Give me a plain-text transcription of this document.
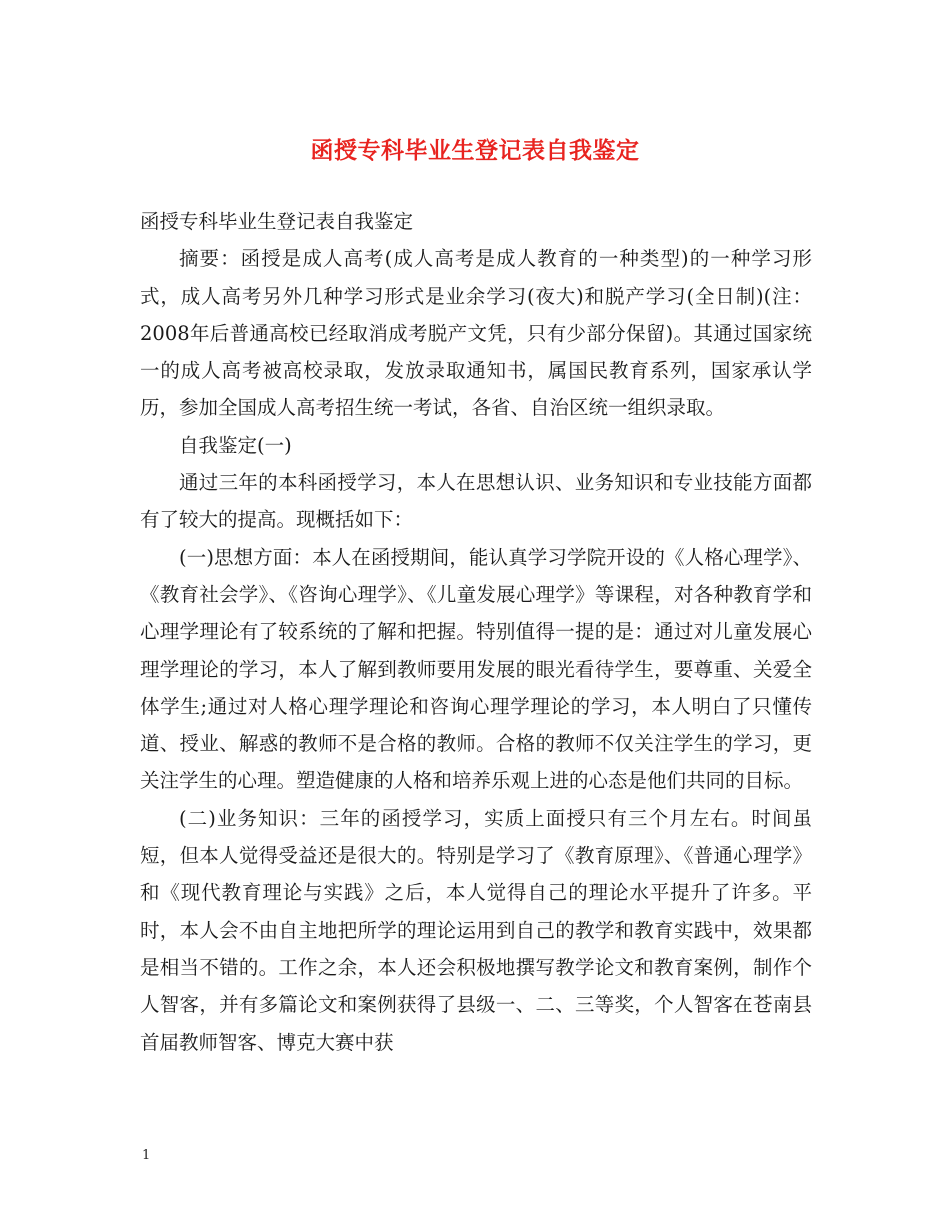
函授专科毕业生登记表自我鉴定

函授专科毕业生登记表自我鉴定

摘要：函授是成人高考(成人高考是成人教育的一种类型)的一种学习形式，成人高考另外几种学习形式是业余学习(夜大)和脱产学习(全日制)(注：2008年后普通高校已经取消成考脱产文凭，只有少部分保留)。其通过国家统一的成人高考被高校录取，发放录取通知书，属国民教育系列，国家承认学历，参加全国成人高考招生统一考试，各省、自治区统一组织录取。

自我鉴定(一)

通过三年的本科函授学习，本人在思想认识、业务知识和专业技能方面都有了较大的提高。现概括如下：

(一)思想方面：本人在函授期间，能认真学习学院开设的《人格心理学》、《教育社会学》、《咨询心理学》、《儿童发展心理学》等课程，对各种教育学和心理学理论有了较系统的了解和把握。特别值得一提的是：通过对儿童发展心理学理论的学习，本人了解到教师要用发展的眼光看待学生，要尊重、关爱全体学生;通过对人格心理学理论和咨询心理学理论的学习，本人明白了只懂传道、授业、解惑的教师不是合格的教师。合格的教师不仅关注学生的学习，更关注学生的心理。塑造健康的人格和培养乐观上进的心态是他们共同的目标。

(二)业务知识：三年的函授学习，实质上面授只有三个月左右。时间虽短，但本人觉得受益还是很大的。特别是学习了《教育原理》、《普通心理学》和《现代教育理论与实践》之后，本人觉得自己的理论水平提升了许多。平时，本人会不由自主地把所学的理论运用到自己的教学和教育实践中，效果都是相当不错的。工作之余，本人还会积极地撰写教学论文和教育案例，制作个人智客，并有多篇论文和案例获得了县级一、二、三等奖，个人智客在苍南县首届教师智客、博克大赛中获

1
